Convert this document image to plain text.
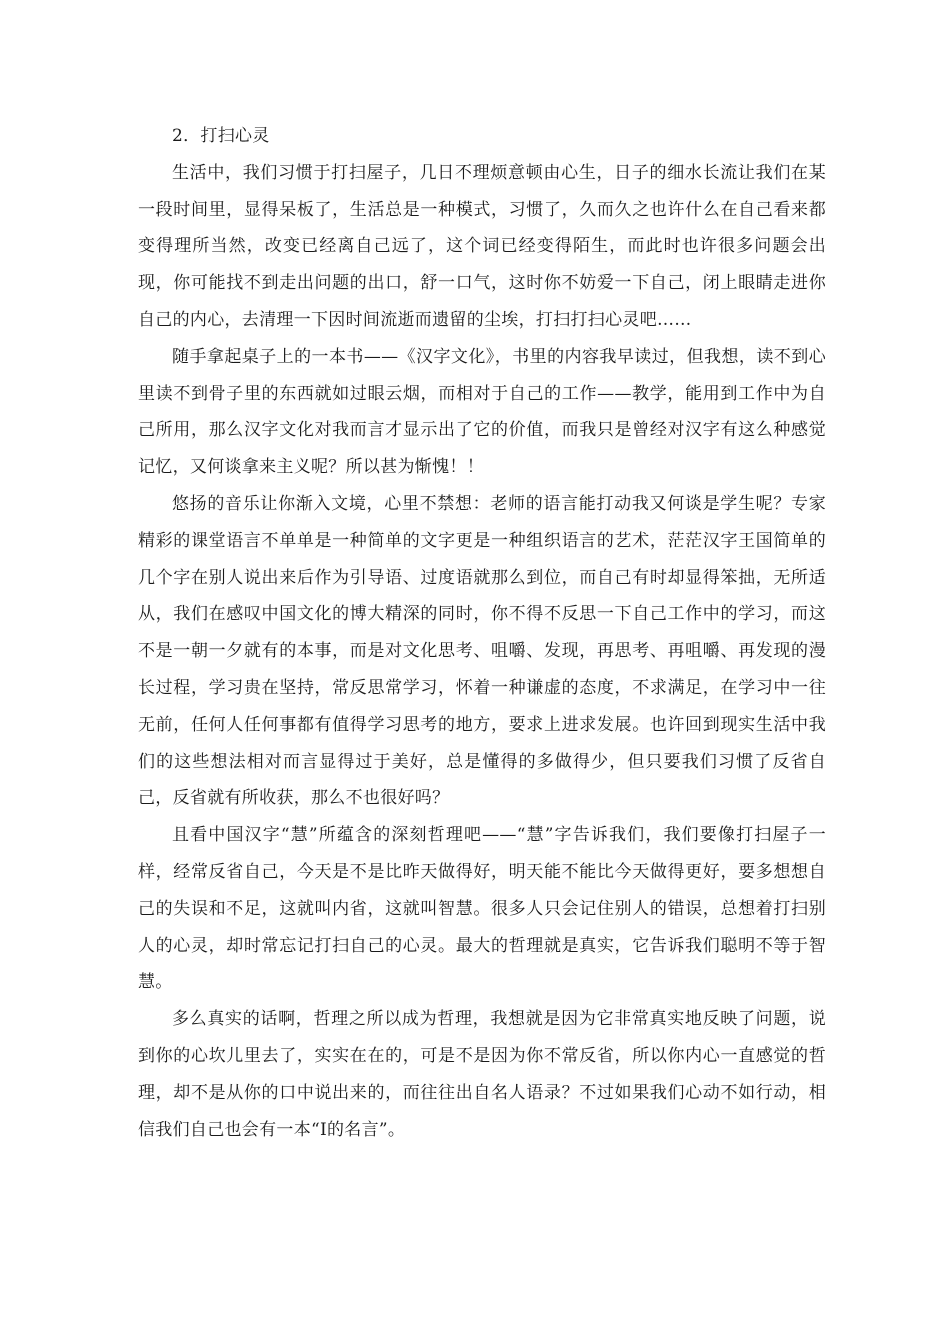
2．打扫心灵

生活中，我们习惯于打扫屋子，几日不理烦意顿由心生，日子的细水长流让我们在某一段时间里，显得呆板了，生活总是一种模式，习惯了，久而久之也许什么在自己看来都变得理所当然，改变已经离自己远了，这个词已经变得陌生，而此时也许很多问题会出现，你可能找不到走出问题的出口，舒一口气，这时你不妨爱一下自己，闭上眼睛走进你自己的内心，去清理一下因时间流逝而遗留的尘埃，打扫打扫心灵吧……

随手拿起桌子上的一本书——《汉字文化》，书里的内容我早读过，但我想，读不到心里读不到骨子里的东西就如过眼云烟，而相对于自己的工作——教学，能用到工作中为自己所用，那么汉字文化对我而言才显示出了它的价值，而我只是曾经对汉字有这么种感觉记忆，又何谈拿来主义呢？所以甚为惭愧！！

悠扬的音乐让你渐入文境，心里不禁想：老师的语言能打动我又何谈是学生呢？专家精彩的课堂语言不单单是一种简单的文字更是一种组织语言的艺术，茫茫汉字王国简单的几个字在别人说出来后作为引导语、过度语就那么到位，而自己有时却显得笨拙，无所适从，我们在感叹中国文化的博大精深的同时，你不得不反思一下自己工作中的学习，而这不是一朝一夕就有的本事，而是对文化思考、咀嚼、发现，再思考、再咀嚼、再发现的漫长过程，学习贵在坚持，常反思常学习，怀着一种谦虚的态度，不求满足，在学习中一往无前，任何人任何事都有值得学习思考的地方，要求上进求发展。也许回到现实生活中我们的这些想法相对而言显得过于美好，总是懂得的多做得少，但只要我们习惯了反省自己，反省就有所收获，那么不也很好吗？

且看中国汉字“慧”所蕴含的深刻哲理吧——“慧”字告诉我们，我们要像打扫屋子一样，经常反省自己，今天是不是比昨天做得好，明天能不能比今天做得更好，要多想想自己的失误和不足，这就叫内省，这就叫智慧。很多人只会记住别人的错误，总想着打扫别人的心灵，却时常忘记打扫自己的心灵。最大的哲理就是真实，它告诉我们聪明不等于智慧。

多么真实的话啊，哲理之所以成为哲理，我想就是因为它非常真实地反映了问题，说到你的心坎儿里去了，实实在在的，可是不是因为你不常反省，所以你内心一直感觉的哲理，却不是从你的口中说出来的，而往往出自名人语录？不过如果我们心动不如行动，相信我们自己也会有一本“I的名言”。
